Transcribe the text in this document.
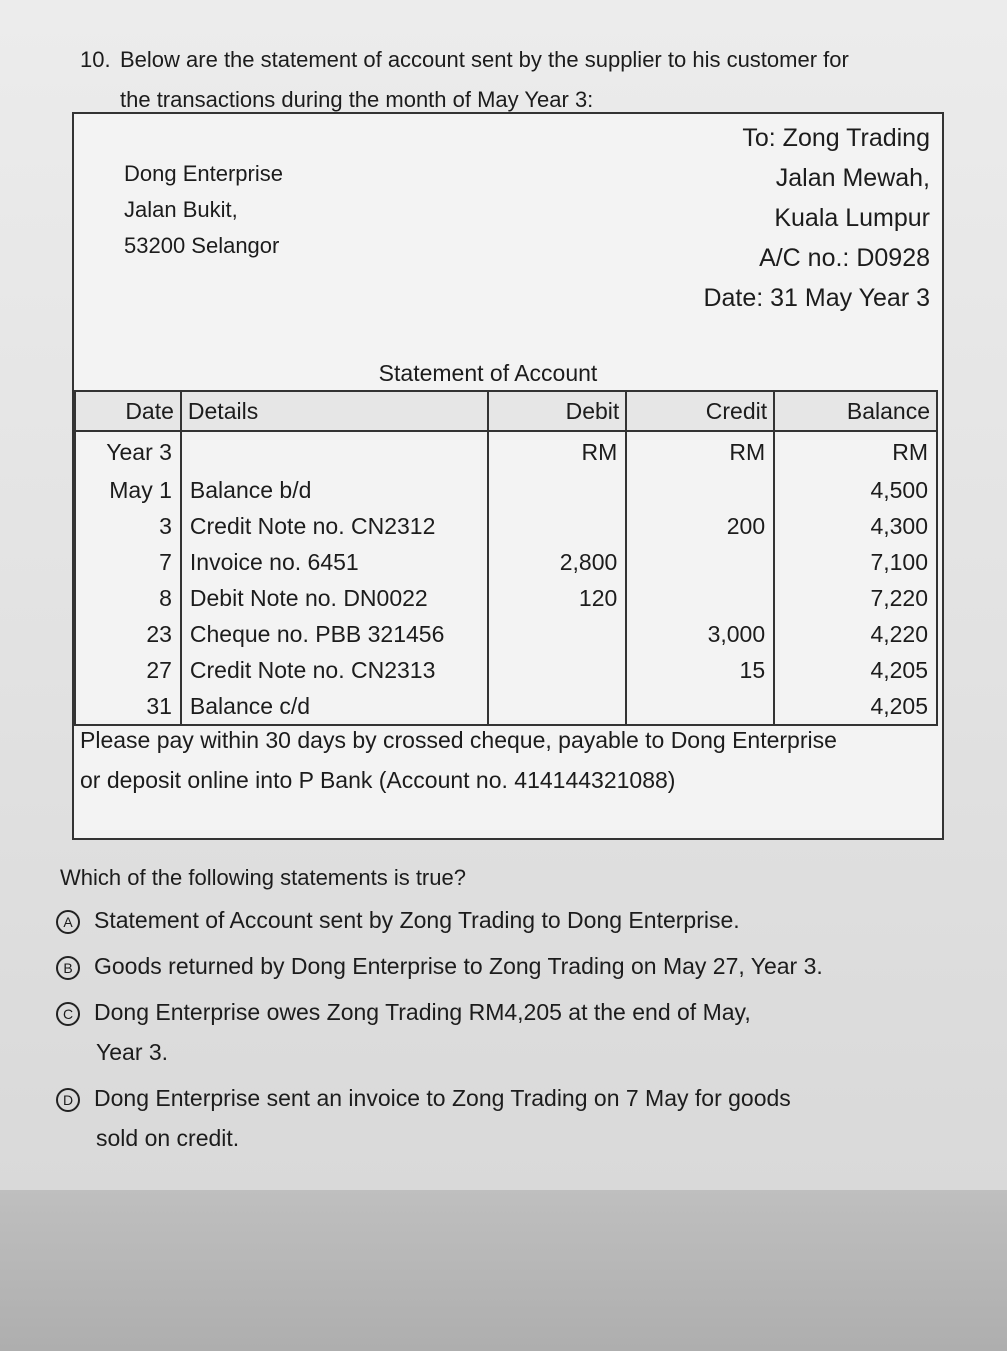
10. Below are the statement of account sent by the supplier to his customer for
the transactions during the month of May Year 3:
Dong Enterprise
Jalan Bukit,
53200 Selangor
To: Zong Trading
Jalan Mewah,
Kuala Lumpur
A/C no.: D0928
Date: 31 May Year 3
Statement of Account
Date	Details	Debit	Credit	Balance
Year 3		RM	RM	RM
May 1	Balance b/d			4,500
3	Credit Note no. CN2312		200	4,300
7	Invoice no. 6451	2,800		7,100
8	Debit Note no. DN0022	120		7,220
23	Cheque no. PBB 321456		3,000	4,220
27	Credit Note no. CN2313		15	4,205
31	Balance c/d			4,205
Please pay within 30 days by crossed cheque, payable to Dong Enterprise
or deposit online into P Bank (Account no. 414144321088)
Which of the following statements is true?
A Statement of Account sent by Zong Trading to Dong Enterprise.
B Goods returned by Dong Enterprise to Zong Trading on May 27, Year 3.
C Dong Enterprise owes Zong Trading RM4,205 at the end of May,
Year 3.
D Dong Enterprise sent an invoice to Zong Trading on 7 May for goods
sold on credit.
